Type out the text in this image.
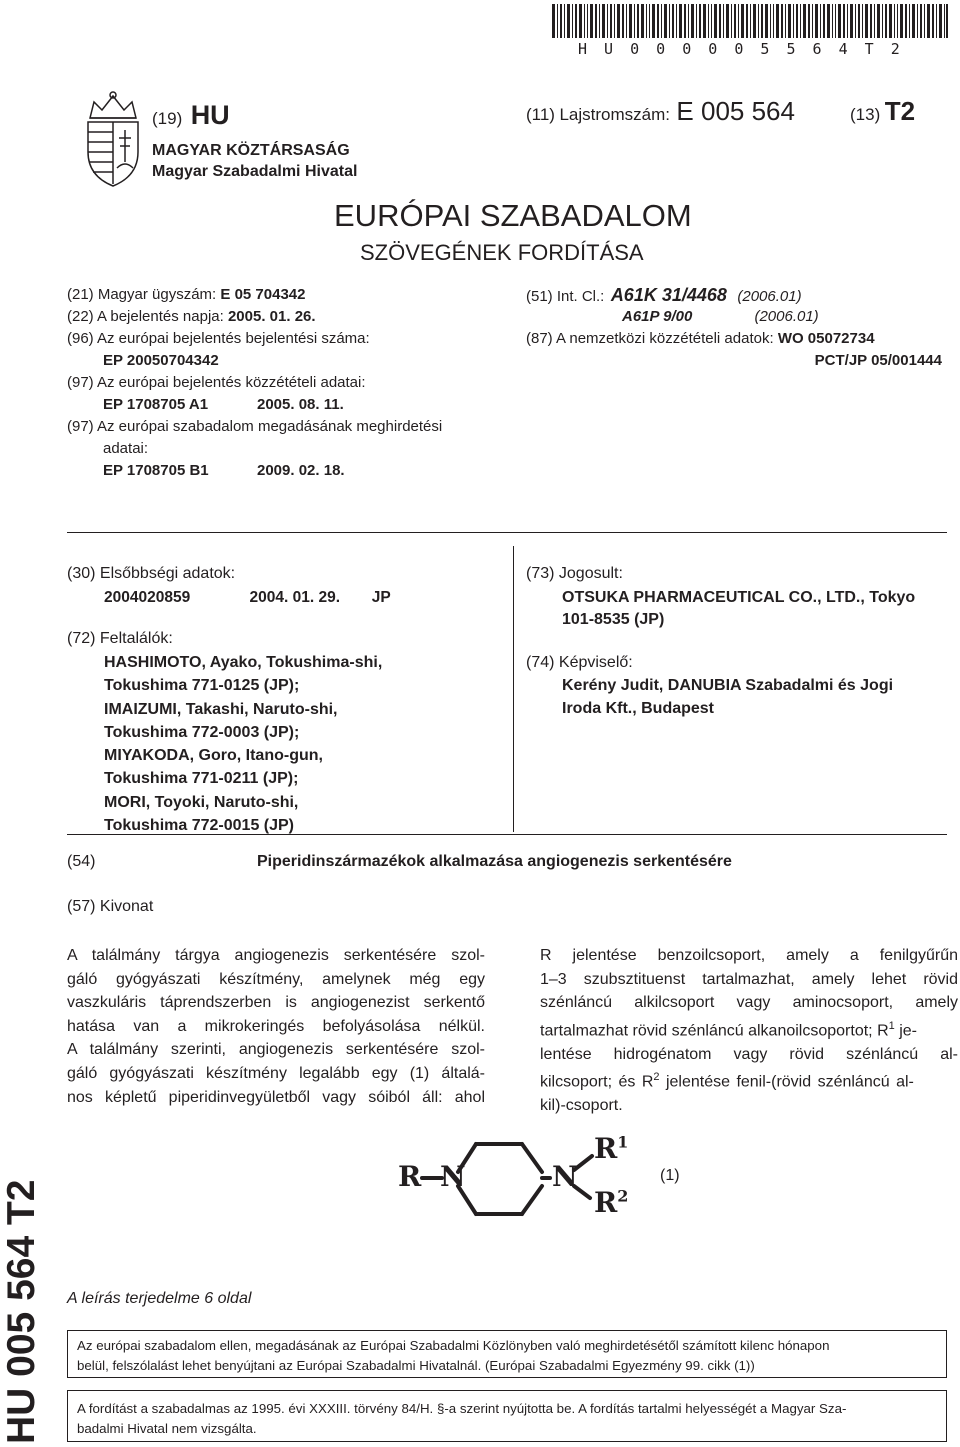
H U 0 0 0 0 0 5 5 6 4 T 2
(19) HU	(11) Lajstromszám: E 005 564	(13) T2
MAGYAR KÖZTÁRSASÁG
Magyar Szabadalmi Hivatal
EURÓPAI SZABADALOM
SZÖVEGÉNEK FORDÍTÁSA
(21) Magyar ügyszám: E 05 704342
(22) A bejelentés napja: 2005. 01. 26.
(96) Az európai bejelentés bejelentési száma:
EP 20050704342
(97) Az európai bejelentés közzétételi adatai:
EP 1708705 A1	2005. 08. 11.
(97) Az európai szabadalom megadásának meghirdetési
adatai:
EP 1708705 B1	2009. 02. 18.
(51) Int. Cl.: A61K 31/4468 (2006.01)
A61P 9/00	(2006.01)
(87) A nemzetközi közzétételi adatok: WO 05072734
PCT/JP 05/001444
(30) Elsőbbségi adatok:
2004020859	2004. 01. 29. JP
(72) Feltalálók:
HASHIMOTO, Ayako, Tokushima-shi,
Tokushima 771-0125 (JP);
IMAIZUMI, Takashi, Naruto-shi,
Tokushima 772-0003 (JP);
MIYAKODA, Goro, Itano-gun,
Tokushima 771-0211 (JP);
MORI, Toyoki, Naruto-shi,
Tokushima 772-0015 (JP)
(73) Jogosult:
OTSUKA PHARMACEUTICAL CO., LTD., Tokyo
101-8535 (JP)
(74) Képviselő:
Kerény Judit, DANUBIA Szabadalmi és Jogi
Iroda Kft., Budapest
(54)	Piperidinszármazékok alkalmazása angiogenezis serkentésére
(57) Kivonat
A találmány tárgya angiogenezis serkentésére szol-
gáló gyógyászati készítmény, amelynek még egy
vaszkuláris táprendszerben is angiogenezist serkentő
hatása van a mikrokeringés befolyásolása nélkül.
A találmány szerinti, angiogenezis serkentésére szol-
gáló gyógyászati készítmény legalább egy (1) általá-
nos képletű piperidinvegyületből vagy sóiból áll: ahol
R jelentése benzoilcsoport, amely a fenilgyűrűn
1–3 szubsztituenst tartalmazhat, amely lehet rövid
szénláncú alkilcsoport vagy aminocsoport, amely
tartalmazhat rövid szénláncú alkanoilcsoportot; $R^1$ je-
lentése hidrogénatom vagy rövid szénláncú al-
kilcsoport; és $R^2$ jelentése fenil-(rövid szénláncú al-
kil)-csoport.
R N	N
$R^1$
$R^2$
(1)
HU 005 564 T2 A leírás terjedelme 6 oldal
Az európai szabadalom ellen, megadásának az Európai Szabadalmi Közlönyben való meghirdetésétől számított kilenc hónapon
belül, felszólalást lehet benyújtani az Európai Szabadalmi Hivatalnál. (Európai Szabadalmi Egyezmény 99. cikk (1))
A fordítást a szabadalmas az 1995. évi XXXIII. törvény 84/H. §-a szerint nyújtotta be. A fordítás tartalmi helyességét a Magyar Sza-
badalmi Hivatal nem vizsgálta.
